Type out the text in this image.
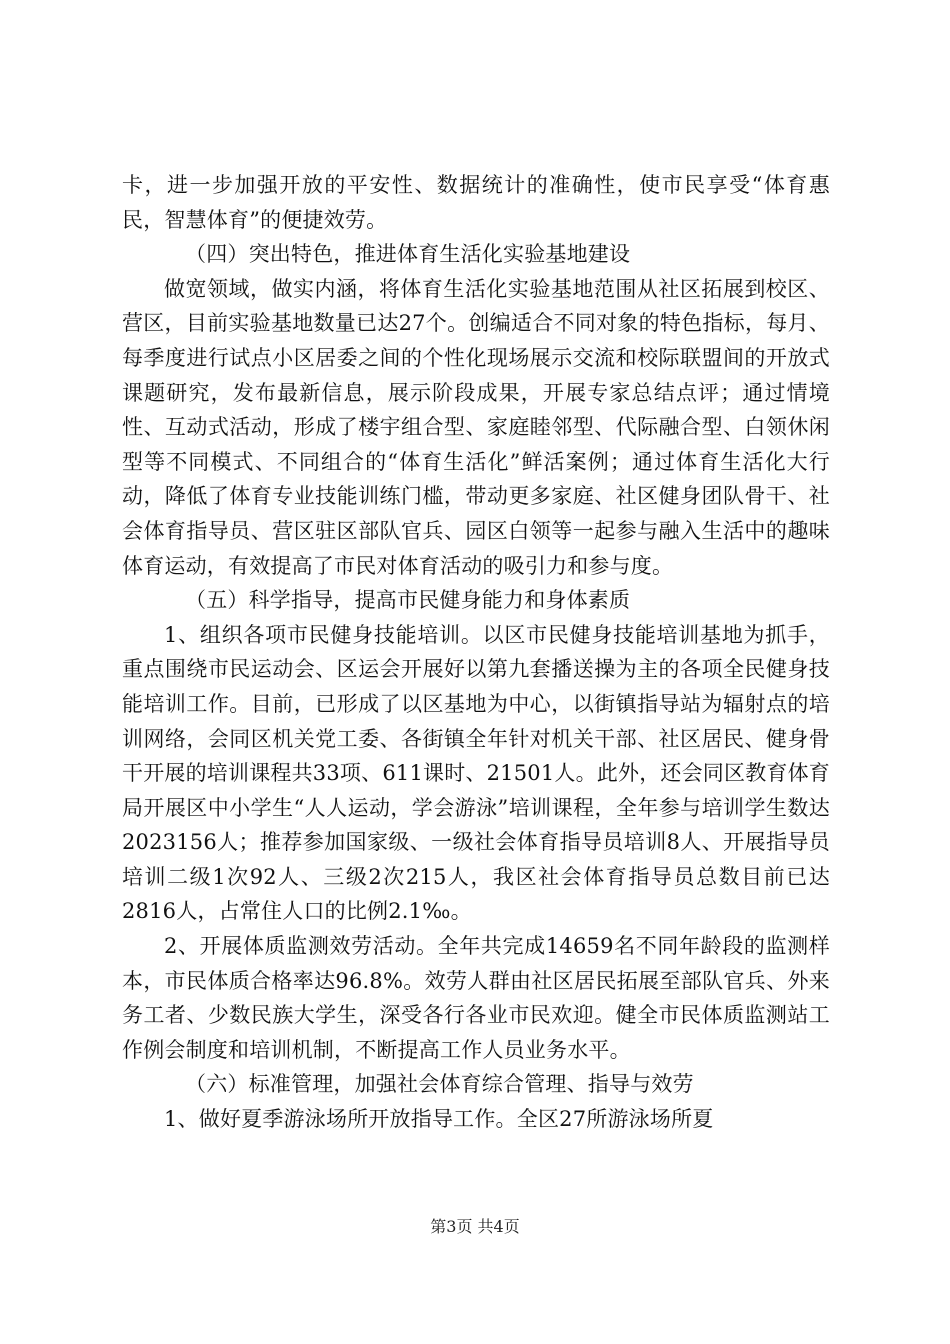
卡，进一步加强开放的平安性、数据统计的准确性，使市民享受“体育惠民，智慧体育”的便捷效劳。

（四）突出特色，推进体育生活化实验基地建设

做宽领域，做实内涵，将体育生活化实验基地范围从社区拓展到校区、营区，目前实验基地数量已达27个。创编适合不同对象的特色指标，每月、每季度进行试点小区居委之间的个性化现场展示交流和校际联盟间的开放式课题研究，发布最新信息，展示阶段成果，开展专家总结点评；通过情境性、互动式活动，形成了楼宇组合型、家庭睦邻型、代际融合型、白领休闲型等不同模式、不同组合的“体育生活化”鲜活案例；通过体育生活化大行动，降低了体育专业技能训练门槛，带动更多家庭、社区健身团队骨干、社会体育指导员、营区驻区部队官兵、园区白领等一起参与融入生活中的趣味体育运动，有效提高了市民对体育活动的吸引力和参与度。

（五）科学指导，提高市民健身能力和身体素质

1、组织各项市民健身技能培训。以区市民健身技能培训基地为抓手，重点围绕市民运动会、区运会开展好以第九套播送操为主的各项全民健身技能培训工作。目前，已形成了以区基地为中心，以街镇指导站为辐射点的培训网络，会同区机关党工委、各街镇全年针对机关干部、社区居民、健身骨干开展的培训课程共33项、611课时、21501人。此外，还会同区教育体育局开展区中小学生“人人运动，学会游泳”培训课程，全年参与培训学生数达2023156人；推荐参加国家级、一级社会体育指导员培训8人、开展指导员培训二级1次92人、三级2次215人，我区社会体育指导员总数目前已达2816人，占常住人口的比例2.1‰。

2、开展体质监测效劳活动。全年共完成14659名不同年龄段的监测样本，市民体质合格率达96.8%。效劳人群由社区居民拓展至部队官兵、外来务工者、少数民族大学生，深受各行各业市民欢迎。健全市民体质监测站工作例会制度和培训机制，不断提高工作人员业务水平。

（六）标准管理，加强社会体育综合管理、指导与效劳

1、做好夏季游泳场所开放指导工作。全区27所游泳场所夏

第3页 共4页
